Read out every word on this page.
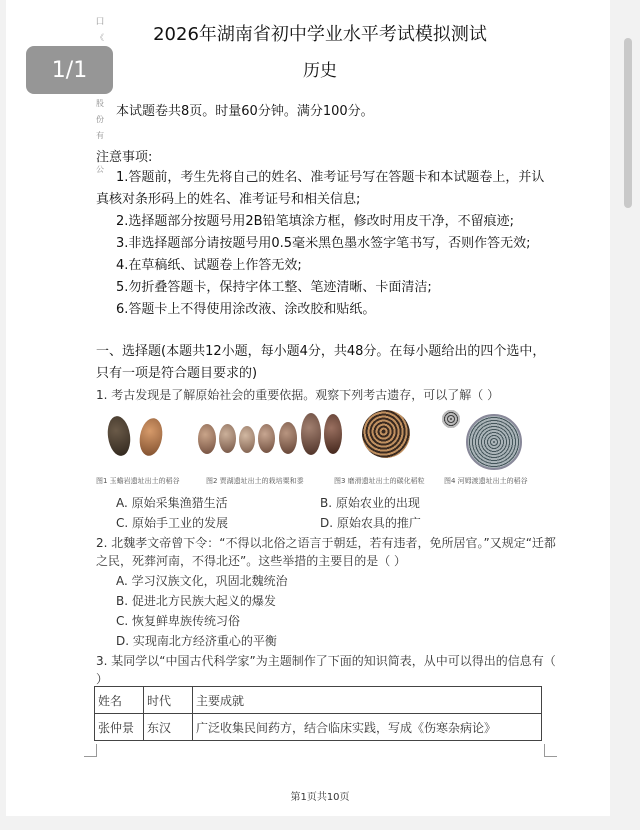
囗
《
股
份
有
公
2026年湖南省初中学业水平考试模拟测试
历史
本试题卷共8页。时量60分钟。满分100分。
注意事项:
1.答题前，考生先将自己的姓名、准考证号写在答题卡和本试题卷上，并认
真核对条形码上的姓名、准考证号和相关信息;
2.选择题部分按题号用2B铅笔填涂方框，修改时用皮干净，不留痕迹;
3.非选择题部分请按题号用0.5毫米黑色墨水签字笔书写，否则作答无效;
4.在草稿纸、试题卷上作答无效;
5.勿折叠答题卡，保持字体工整、笔迹清晰、卡面清洁;
6.答题卡上不得使用涂改液、涂改胶和贴纸。
一、选择题(本题共12小题，每小题4分，共48分。在每小题给出的四个选中，
只有一项是符合题目要求的)
1. 考古发现是了解原始社会的重要依据。观察下列考古遗存，可以了解（ ）
图1 玉蟾岩遗址出土的稻谷	图2 贾湖遗址出土的栽培粟和黍	图3 磨滑遗址出土的碳化稻粒	图4 河姆渡遗址出土的稻谷
A. 原始采集渔猎生活	B. 原始农业的出现
C. 原始手工业的发展	D. 原始农具的推广
2. 北魏孝文帝曾下令：“不得以北俗之语言于朝廷，若有违者，免所居官。”又规定“迁都
之民，死葬河南，不得北还”。这些举措的主要目的是（ ）
A. 学习汉族文化，巩固北魏统治
B. 促进北方民族大起义的爆发
C. 恢复鲜卑族传统习俗
D. 实现南北方经济重心的平衡
3. 某同学以“中国古代科学家”为主题制作了下面的知识简表，从中可以得出的信息有（
）
姓名	时代	主要成就
张仲景	东汉	广泛收集民间药方，结合临床实践，写成《伤寒杂病论》
第1页共10页
1/1
